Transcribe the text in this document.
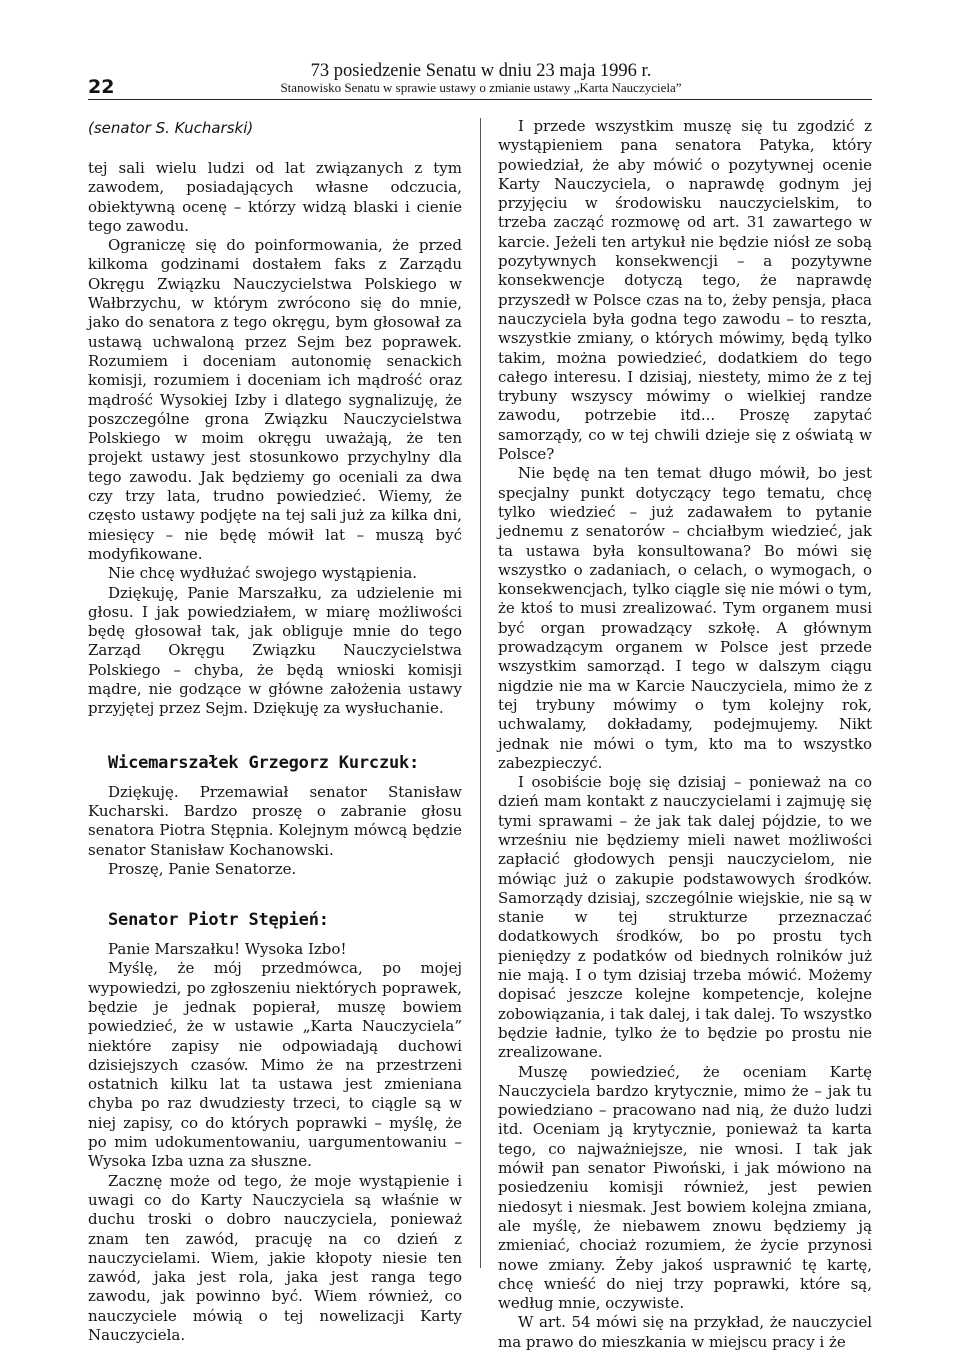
22
73 posiedzenie Senatu w dniu 23 maja 1996 r.
Stanowisko Senatu w sprawie ustawy o zmianie ustawy „Karta Nauczyciela”
(senator S. Kucharski)

tej sali wielu ludzi od lat związanych z tym zawodem, posiadających własne odczucia, obiektywną ocenę – którzy widzą blaski i cienie tego zawodu.

Ograniczę się do poinformowania, że przed kilkoma godzinami dostałem faks z Zarządu Okręgu Związku Nauczycielstwa Polskiego w Wałbrzychu, w którym zwrócono się do mnie, jako do senatora z tego okręgu, bym głosował za ustawą uchwaloną przez Sejm bez poprawek. Rozumiem i doceniam autonomię senackich komisji, rozumiem i doceniam ich mądrość oraz mądrość Wysokiej Izby i dlatego sygnalizuję, że poszczególne grona Związku Nauczycielstwa Polskiego w moim okręgu uważają, że ten projekt ustawy jest stosunkowo przychylny dla tego zawodu. Jak będziemy go oceniali za dwa czy trzy lata, trudno powiedzieć. Wiemy, że często ustawy podjęte na tej sali już za kilka dni, miesięcy – nie będę mówił lat – muszą być modyfikowane.

Nie chcę wydłużać swojego wystąpienia.

Dziękuję, Panie Marszałku, za udzielenie mi głosu. I jak powiedziałem, w miarę możliwości będę głosował tak, jak obliguje mnie do tego Zarząd Okręgu Związku Nauczycielstwa Polskiego – chyba, że będą wnioski komisji mądre, nie godzące w główne założenia ustawy przyjętej przez Sejm. Dziękuję za wysłuchanie.

Wicemarszałek Grzegorz Kurczuk:

Dziękuję. Przemawiał senator Stanisław Kucharski. Bardzo proszę o zabranie głosu senatora Piotra Stępnia. Kolejnym mówcą będzie senator Stanisław Kochanowski.

Proszę, Panie Senatorze.

Senator Piotr Stępień:

Panie Marszałku! Wysoka Izbo!

Myślę, że mój przedmówca, po mojej wypowiedzi, po zgłoszeniu niektórych poprawek, będzie je jednak popierał, muszę bowiem powiedzieć, że w ustawie „Karta Nauczyciela” niektóre zapisy nie odpowiadają duchowi dzisiejszych czasów. Mimo że na przestrzeni ostatnich kilku lat ta ustawa jest zmieniana chyba po raz dwudziesty trzeci, to ciągle są w niej zapisy, co do których poprawki – myślę, że po mim udokumentowaniu, uargumentowaniu – Wysoka Izba uzna za słuszne.

Zacznę może od tego, że moje wystąpienie i uwagi co do Karty Nauczyciela są właśnie w duchu troski o dobro nauczyciela, ponieważ znam ten zawód, pracuję na co dzień z nauczycielami. Wiem, jakie kłopoty niesie ten zawód, jaka jest rola, jaka jest ranga tego zawodu, jak powinno być. Wiem również, co nauczyciele mówią o tej nowelizacji Karty Nauczyciela.

I przede wszystkim muszę się tu zgodzić z wystąpieniem pana senatora Patyka, który powiedział, że aby mówić o pozytywnej ocenie Karty Nauczyciela, o naprawdę godnym jej przyjęciu w środowisku nauczycielskim, to trzeba zacząć rozmowę od art. 31 zawartego w karcie. Jeżeli ten artykuł nie będzie niósł ze sobą pozytywnych konsekwencji – a pozytywne konsekwencje dotyczą tego, że naprawdę przyszedł w Polsce czas na to, żeby pensja, płaca nauczyciela była godna tego zawodu – to reszta, wszystkie zmiany, o których mówimy, będą tylko takim, można powiedzieć, dodatkiem do tego całego interesu. I dzisiaj, niestety, mimo że z tej trybuny wszyscy mówimy o wielkiej randze zawodu, potrzebie itd... Proszę zapytać samorządy, co w tej chwili dzieje się z oświatą w Polsce?

Nie będę na ten temat długo mówił, bo jest specjalny punkt dotyczący tego tematu, chcę tylko wiedzieć – już zadawałem to pytanie jednemu z senatorów – chciałbym wiedzieć, jak ta ustawa była konsultowana? Bo mówi się wszystko o zadaniach, o celach, o wymogach, o konsekwencjach, tylko ciągle się nie mówi o tym, że ktoś to musi zrealizować. Tym organem musi być organ prowadzący szkołę. A głównym prowadzącym organem w Polsce jest przede wszystkim samorząd. I tego w dalszym ciągu nigdzie nie ma w Karcie Nauczyciela, mimo że z tej trybuny mówimy o tym kolejny rok, uchwalamy, dokładamy, podejmujemy. Nikt jednak nie mówi o tym, kto ma to wszystko zabezpieczyć.

I osobiście boję się dzisiaj – ponieważ na co dzień mam kontakt z nauczycielami i zajmuję się tymi sprawami – że jak tak dalej pójdzie, to we wrześniu nie będziemy mieli nawet możliwości zapłacić głodowych pensji nauczycielom, nie mówiąc już o zakupie podstawowych środków. Samorządy dzisiaj, szczególnie wiejskie, nie są w stanie w tej strukturze przeznaczać dodatkowych środków, bo po prostu tych pieniędzy z podatków od biednych rolników już nie mają. I o tym dzisiaj trzeba mówić. Możemy dopisać jeszcze kolejne kompetencje, kolejne zobowiązania, i tak dalej, i tak dalej. To wszystko będzie ładnie, tylko że to będzie po prostu nie zrealizowane.

Muszę powiedzieć, że oceniam Kartę Nauczyciela bardzo krytycznie, mimo że – jak tu powiedziano – pracowano nad nią, że dużo ludzi itd. Oceniam ją krytycznie, ponieważ ta karta tego, co najważniejsze, nie wnosi. I tak jak mówił pan senator Piwoński, i jak mówiono na posiedzeniu komisji również, jest pewien niedosyt i niesmak. Jest bowiem kolejna zmiana, ale myślę, że niebawem znowu będziemy ją zmieniać, chociaż rozumiem, że życie przynosi nowe zmiany. Żeby jakoś usprawnić tę kartę, chcę wnieść do niej trzy poprawki, które są, według mnie, oczywiste.

W art. 54 mówi się na przykład, że nauczyciel ma prawo do mieszkania w miejscu pracy i że
